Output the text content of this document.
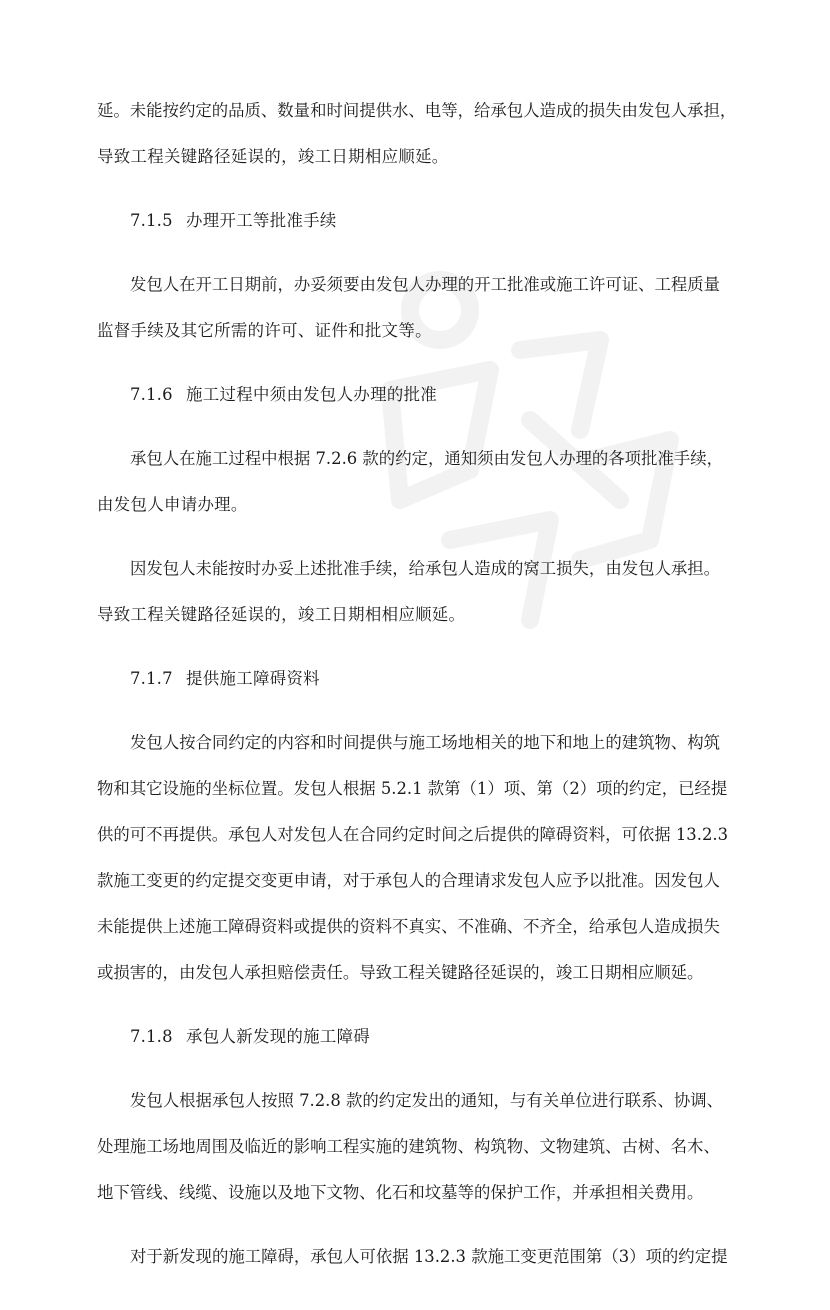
延。未能按约定的品质、数量和时间提供水、电等，给承包人造成的损失由发包人承担，
导致工程关键路径延误的，竣工日期相应顺延。
7.1.5 办理开工等批准手续
发包人在开工日期前，办妥须要由发包人办理的开工批准或施工许可证、工程质量
监督手续及其它所需的许可、证件和批文等。
7.1.6 施工过程中须由发包人办理的批准
承包人在施工过程中根据 7.2.6 款的约定，通知须由发包人办理的各项批准手续，
由发包人申请办理。
因发包人未能按时办妥上述批准手续，给承包人造成的窝工损失，由发包人承担。
导致工程关键路径延误的，竣工日期相相应顺延。
7.1.7 提供施工障碍资料
发包人按合同约定的内容和时间提供与施工场地相关的地下和地上的建筑物、构筑
物和其它设施的坐标位置。发包人根据 5.2.1 款第（1）项、第（2）项的约定，已经提
供的可不再提供。承包人对发包人在合同约定时间之后提供的障碍资料，可依据 13.2.3
款施工变更的约定提交变更申请，对于承包人的合理请求发包人应予以批准。因发包人
未能提供上述施工障碍资料或提供的资料不真实、不准确、不齐全，给承包人造成损失
或损害的，由发包人承担赔偿责任。导致工程关键路径延误的，竣工日期相应顺延。
7.1.8 承包人新发现的施工障碍
发包人根据承包人按照 7.2.8 款的约定发出的通知，与有关单位进行联系、协调、
处理施工场地周围及临近的影响工程实施的建筑物、构筑物、文物建筑、古树、名木、
地下管线、线缆、设施以及地下文物、化石和坟墓等的保护工作，并承担相关费用。
对于新发现的施工障碍，承包人可依据 13.2.3 款施工变更范围第（3）项的约定提
